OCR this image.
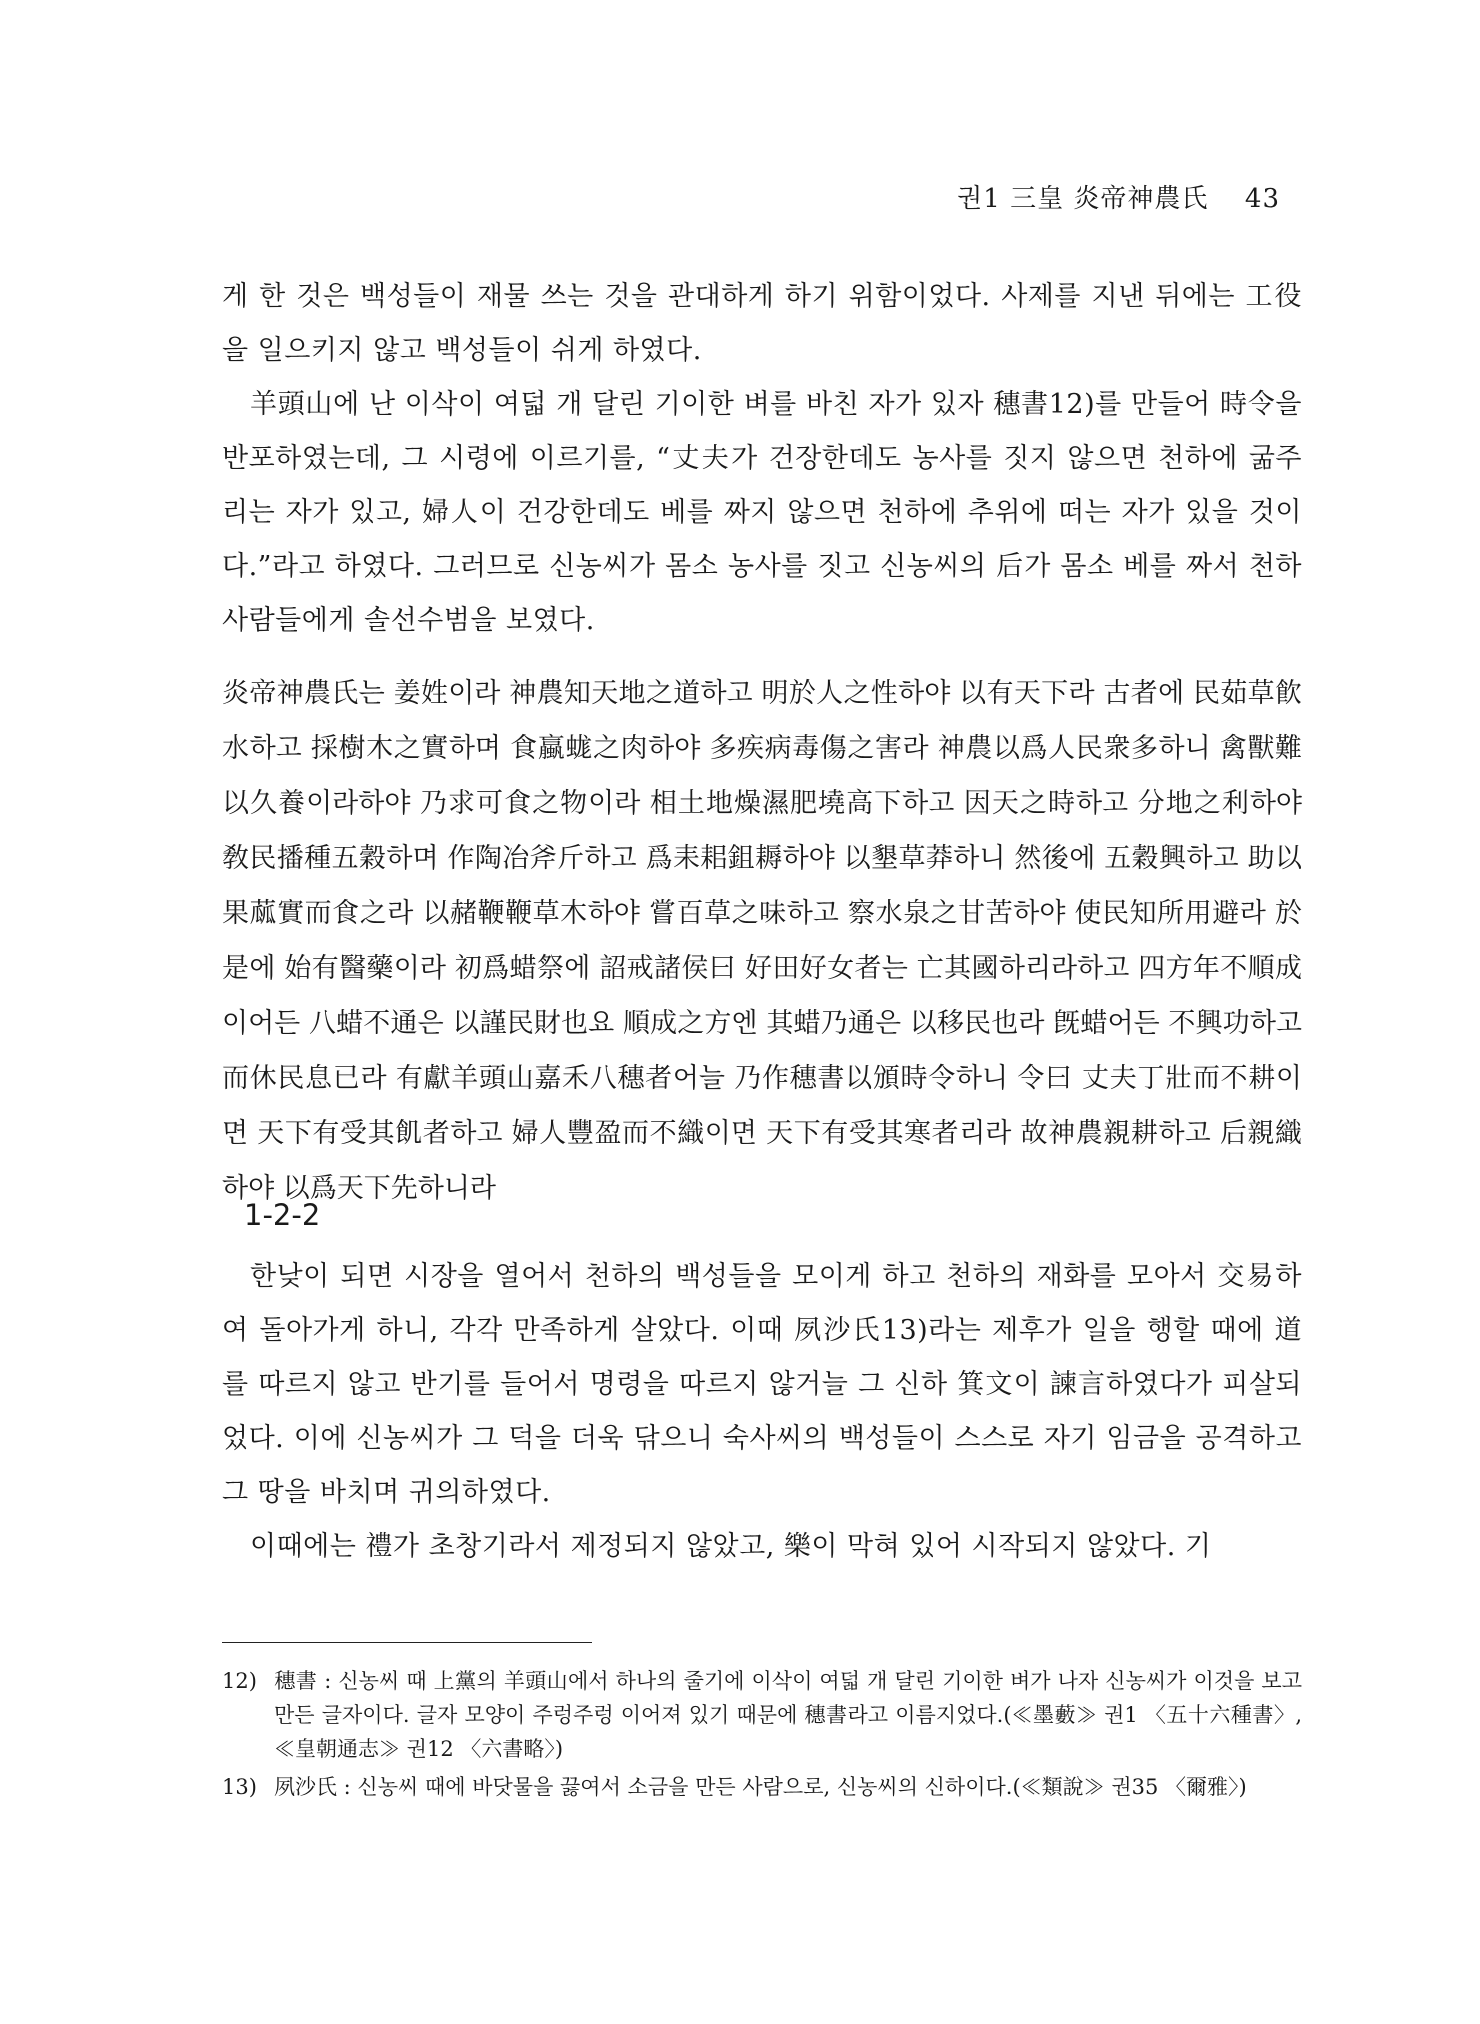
권1 三皇 炎帝神農氏 43

게 한 것은 백성들이 재물 쓰는 것을 관대하게 하기 위함이었다. 사제를 지낸 뒤에는 工役을 일으키지 않고 백성들이 쉬게 하였다.

羊頭山에 난 이삭이 여덟 개 달린 기이한 벼를 바친 자가 있자 穗書12)를 만들어 時令을 반포하였는데, 그 시령에 이르기를, “丈夫가 건장한데도 농사를 짓지 않으면 천하에 굶주리는 자가 있고, 婦人이 건강한데도 베를 짜지 않으면 천하에 추위에 떠는 자가 있을 것이다.”라고 하였다. 그러므로 신농씨가 몸소 농사를 짓고 신농씨의 后가 몸소 베를 짜서 천하 사람들에게 솔선수범을 보였다.

炎帝神農氏는 姜姓이라 神農知天地之道하고 明於人之性하야 以有天下라 古者에 民茹草飮水하고 採樹木之實하며 食蠃蛖之肉하야 多疾病毒傷之害라 神農以爲人民衆多하니 禽獸難以久養이라하야 乃求可食之物이라 相土地燥濕肥墝高下하고 因天之時하고 分地之利하야 敎民播種五穀하며 作陶冶斧斤하고 爲耒耜鉏耨하야 以墾草莽하니 然後에 五穀興하고 助以果蓏實而食之라 以赭鞭鞭草木하야 嘗百草之味하고 察水泉之甘苦하야 使民知所用避라 於是에 始有醫藥이라 初爲蜡祭에 詔戒諸侯曰 好田好女者는 亡其國하리라하고 四方年不順成이어든 八蜡不通은 以謹民財也요 順成之方엔 其蜡乃通은 以移民也라 旣蜡어든 不興功하고 而休民息已라 有獻羊頭山嘉禾八穗者어늘 乃作穗書以頒時令하니 令曰 丈夫丁壯而不耕이면 天下有受其飢者하고 婦人豐盈而不織이면 天下有受其寒者리라 故神農親耕하고 后親織하야 以爲天下先하니라

1-2-2

한낮이 되면 시장을 열어서 천하의 백성들을 모이게 하고 천하의 재화를 모아서 交易하여 돌아가게 하니, 각각 만족하게 살았다. 이때 夙沙氏13)라는 제후가 일을 행할 때에 道를 따르지 않고 반기를 들어서 명령을 따르지 않거늘 그 신하 箕文이 諫言하였다가 피살되었다. 이에 신농씨가 그 덕을 더욱 닦으니 숙사씨의 백성들이 스스로 자기 임금을 공격하고 그 땅을 바치며 귀의하였다.

이때에는 禮가 초창기라서 제정되지 않았고, 樂이 막혀 있어 시작되지 않았다. 기

12) 穗書 : 신농씨 때 上黨의 羊頭山에서 하나의 줄기에 이삭이 여덟 개 달린 기이한 벼가 나자 신농씨가 이것을 보고 만든 글자이다. 글자 모양이 주렁주렁 이어져 있기 때문에 穗書라고 이름지었다.(≪墨藪≫ 권1 〈五十六種書〉, ≪皇朝通志≫ 권12 〈六書略〉)

13) 夙沙氏 : 신농씨 때에 바닷물을 끓여서 소금을 만든 사람으로, 신농씨의 신하이다.(≪類說≫ 권35 〈爾雅〉)
